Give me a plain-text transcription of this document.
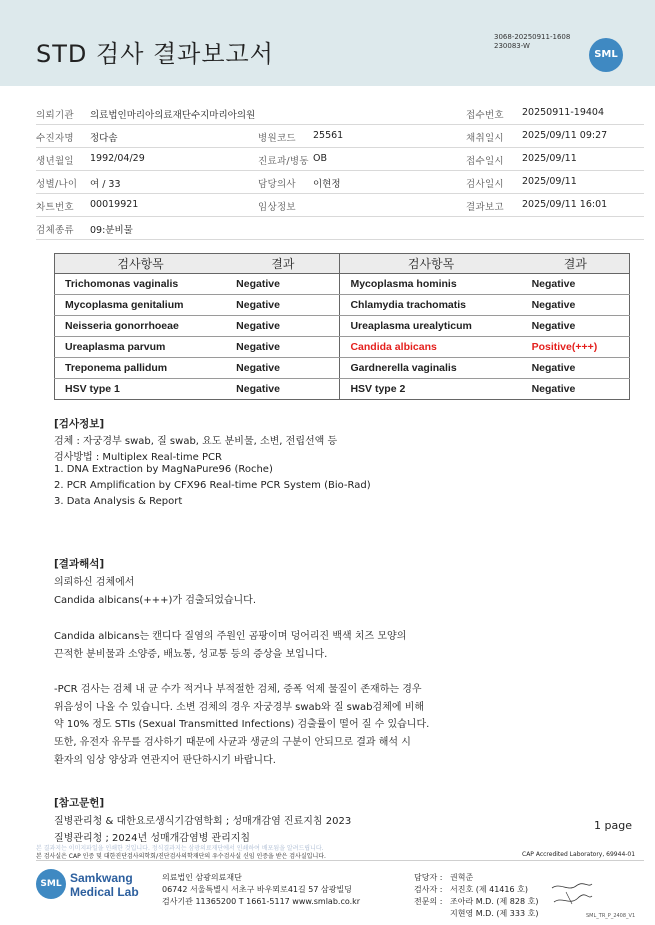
STD 검사 결과보고서
3068-20250911-1608
230083-W
SML
의뢰기관 의료법인마리아의료재단수지마리아의원	접수번호 20250911-19404
수진자명 정다솜	병원코드 25561	채취일시 2025/09/11 09:27
생년월일 1992/04/29	진료과/병동 OB	접수일시 2025/09/11
성별/나이 여 / 33	담당의사 이현정	검사일시 2025/09/11
차트번호 00019921	임상정보	결과보고 2025/09/11 16:01
검체종류 09:분비물
검사항목	결과	검사항목	결과
Trichomonas vaginalis	Negative	Mycoplasma hominis	Negative
Mycoplasma genitalium	Negative	Chlamydia trachomatis	Negative
Neisseria gonorrhoeae	Negative	Ureaplasma urealyticum	Negative
Ureaplasma parvum	Negative	Candida albicans	Positive(+++)
Treponema pallidum	Negative	Gardnerella vaginalis	Negative
HSV type 1	Negative	HSV type 2	Negative
[검사정보]
검체 : 자궁경부 swab, 질 swab, 요도 분비물, 소변, 전립선액 등
검사방법 : Multiplex Real-time PCR
1. DNA Extraction by MagNaPure96 (Roche)
2. PCR Amplification by CFX96 Real-time PCR System (Bio-Rad)
3. Data Analysis & Report
[결과해석]
의뢰하신 검체에서
Candida albicans(+++)가 검출되었습니다.
Candida albicans는 캔디다 질염의 주원인 곰팡이며 덩어리진 백색 치즈 모양의
끈적한 분비물과 소양증, 배뇨통, 성교통 등의 증상을 보입니다.
-PCR 검사는 검체 내 균 수가 적거나 부적절한 검체, 증폭 억제 물질이 존재하는 경우
위음성이 나올 수 있습니다. 소변 검체의 경우 자궁경부 swab와 질 swab검체에 비해
약 10% 정도 STIs (Sexual Transmitted Infections) 검출률이 떨어 질 수 있습니다.
또한, 유전자 유무를 검사하기 때문에 사균과 생균의 구분이 안되므로 결과 해석 시
환자의 임상 양상과 연관지어 판단하시기 바랍니다.
[참고문헌]
질병관리청 & 대한요로생식기감염학회 ; 성매개감염 진료지침 2023
질병관리청 ; 2024년 성매개감염병 관리지침
1 page
본 결과지는 이미지파일을 인쇄한 것입니다. 정식결과지는 삼광의료재단에서 인쇄하여 배포됨을 알려드립니다.
본 검사실은 CAP 인증 및 대한진단검사의학회/진단검사의학재단의 우수검사실 신임 인증을 받은 검사실입니다.	CAP Accredited Laboratory, 69944-01
SML Samkwang
Medical Lab
의료법인 삼광의료재단
06742 서울특별시 서초구 바우뫼로41길 57 삼광빌딩
검사기관 11365200 T 1661-5117 www.smlab.co.kr
담당자 : 권혁준
검사자 : 서진호 (제 41416 호)
전문의 : 조아라 M.D. (제 828 호)
지현영 M.D. (제 333 호)	SML_TR_P_2408_V1
